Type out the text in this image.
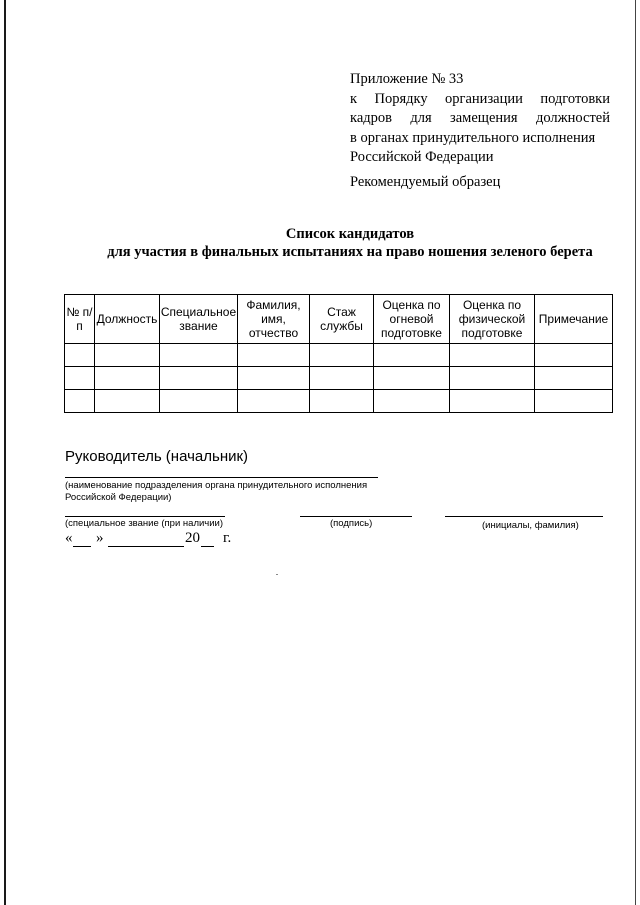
Приложение № 33
к Порядку организации подготовки
кадров для замещения должностей
в органах принудительного исполнения
Российской Федерации
Рекомендуемый образец
Список кандидатов
для участия в финальных испытаниях на право ношения зеленого берета
№ п/п	Должность	Специальное звание	Фамилия, имя, отчество	Стаж службы	Оценка по огневой подготовке	Оценка по физической подготовке	Примечание

Руководитель (начальник)
(наименование подразделения органа принудительного исполнения
Российской Федерации)
(специальное звание (при наличии)	(подпись)	(инициалы, фамилия)
« »	20 г.
